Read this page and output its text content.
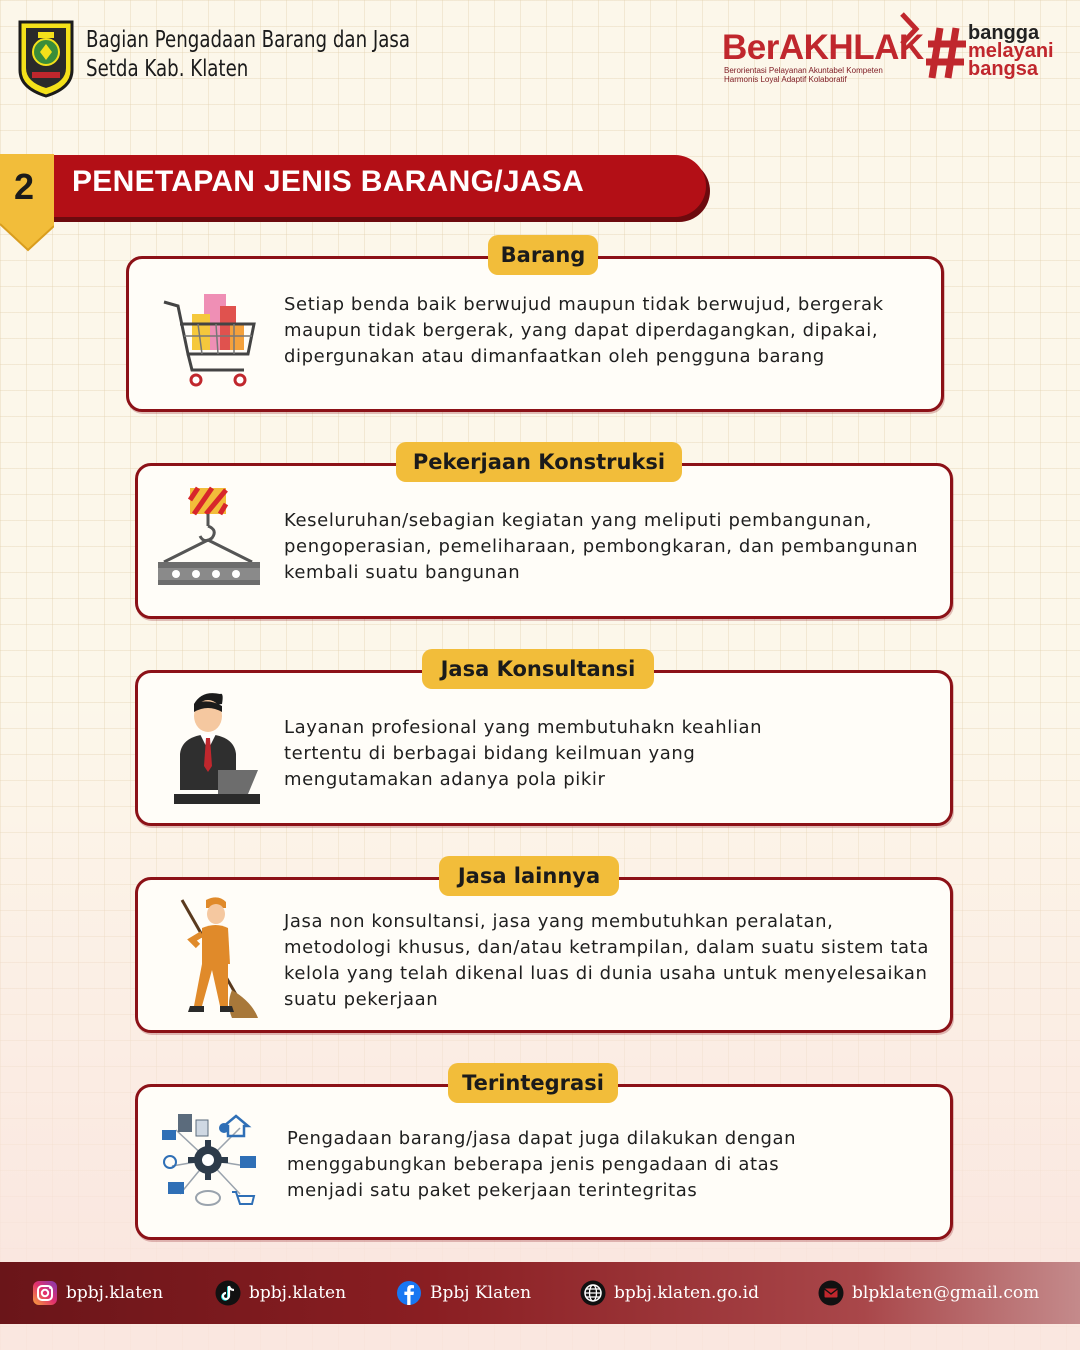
Bagian Pengadaan Barang dan Jasa
Setda Kab. Klaten
BerAKHLAK
Berorientasi Pelayanan Akuntabel Kompeten
Harmonis Loyal Adaptif Kolaboratif
bangga
melayani
bangsa
2	PENETAPAN JENIS BARANG/JASA
Barang
Setiap benda baik berwujud maupun tidak berwujud, bergerak maupun tidak bergerak, yang dapat diperdagangkan, dipakai, dipergunakan atau dimanfaatkan oleh pengguna barang
Pekerjaan Konstruksi
Keseluruhan/sebagian kegiatan yang meliputi pembangunan, pengoperasian, pemeliharaan, pembongkaran, dan pembangunan kembali suatu bangunan
Jasa Konsultansi
Layanan profesional yang membutuhakn keahlian tertentu di berbagai bidang keilmuan yang mengutamakan adanya pola pikir
Jasa lainnya
Jasa non konsultansi, jasa yang membutuhkan peralatan, metodologi khusus, dan/atau ketrampilan, dalam suatu sistem tata kelola yang telah dikenal luas di dunia usaha untuk menyelesaikan suatu pekerjaan
Terintegrasi
Pengadaan barang/jasa dapat juga dilakukan dengan menggabungkan beberapa jenis pengadaan di atas menjadi satu paket pekerjaan terintegritas
bpbj.klaten	bpbj.klaten	Bpbj Klaten	bpbj.klaten.go.id	blpklaten@gmail.com
